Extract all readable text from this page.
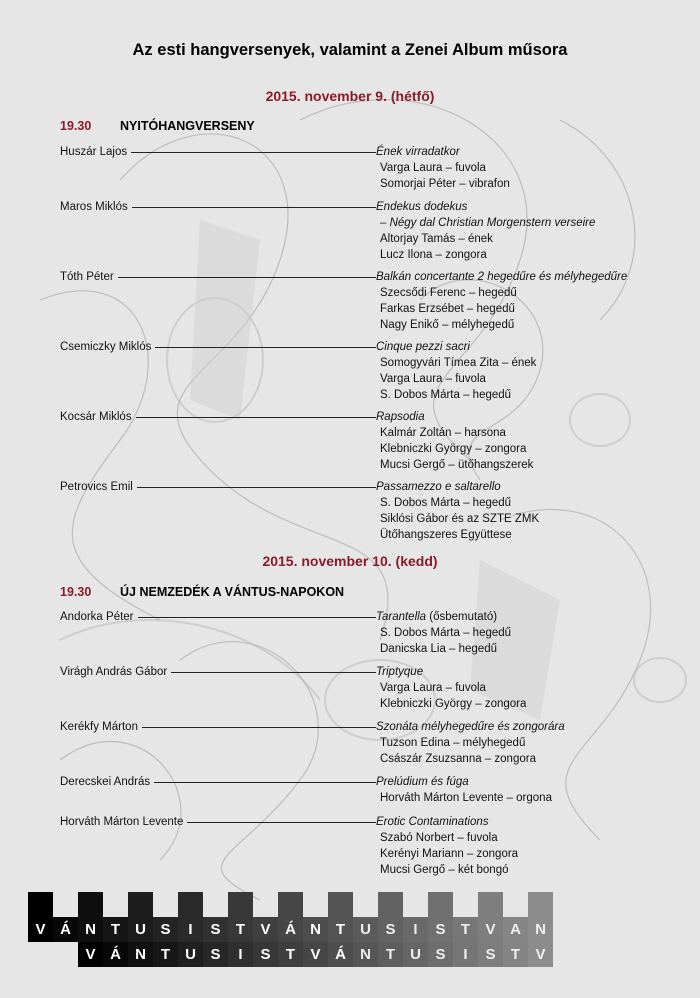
Az esti hangversenyek, valamint a Zenei Album műsora
2015. november 9. (hétfő)
19.30 NYITÓHANGVERSENY
Huszár Lajos	Ének virradatkor
Varga Laura – fuvola
Somorjai Péter – vibrafon
Maros Miklós	Endekus dodekus
– Négy dal Christian Morgenstern verseire
Altorjay Tamás – ének
Lucz Ilona – zongora
Tóth Péter	Balkán concertante 2 hegedűre és mélyhegedűre
Szecsődi Ferenc – hegedű
Farkas Erzsébet – hegedű
Nagy Enikő – mélyhegedű
Csemiczky Miklós	Cinque pezzi sacri
Somogyvári Tímea Zita – ének
Varga Laura – fuvola
S. Dobos Márta – hegedű
Kocsár Miklós	Rapsodia
Kalmár Zoltán – harsona
Klebniczki György – zongora
Mucsi Gergő – ütőhangszerek
Petrovics Emil	Passamezzo e saltarello
S. Dobos Márta – hegedű
Siklósi Gábor és az SZTE ZMK
Ütőhangszeres Együttese
2015. november 10. (kedd)
19.30 ÚJ NEMZEDÉK A VÁNTUS-NAPOKON
Andorka Péter	Tarantella (ősbemutató)
S. Dobos Márta – hegedű
Danicska Lia – hegedű
Virágh András Gábor	Triptyque
Varga Laura – fuvola
Klebniczki György – zongora
Kerékfy Márton	Szonáta mélyhegedűre és zongorára
Tuzson Edina – mélyhegedű
Császár Zsuzsanna – zongora
Derecskei András	Prelúdium és fúga
Horváth Márton Levente – orgona
Horváth Márton Levente	Erotic Contaminations
Szabó Norbert – fuvola
Kerényi Mariann – zongora
Mucsi Gergő – két bongó
V Á N T	U S	I	S	T	V Á N T	U S	I	S	T	V A N
V Á N T	U S	I	S	T	V Á N T	U S	I	S	T	V
